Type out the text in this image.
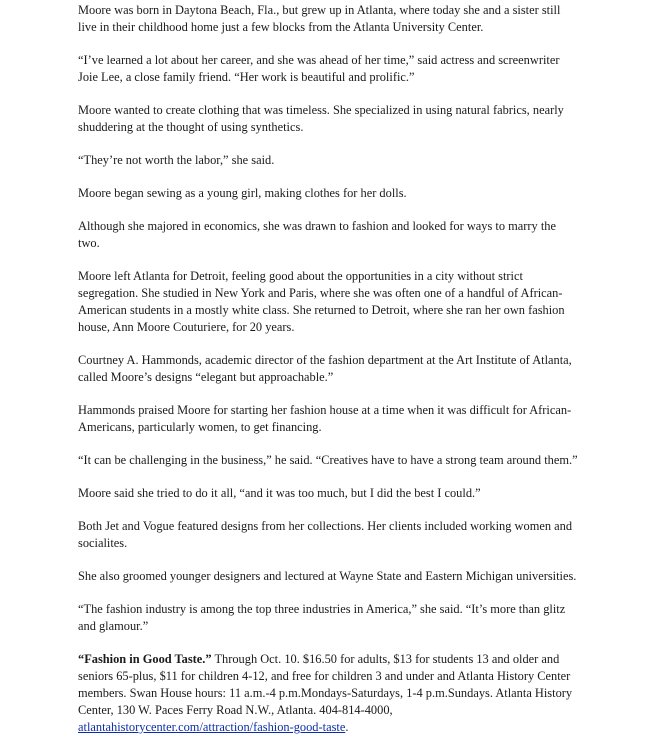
Moore was born in Daytona Beach, Fla., but grew up in Atlanta, where today she and a sister still live in their childhood home just a few blocks from the Atlanta University Center.

“I’ve learned a lot about her career, and she was ahead of her time,” said actress and screenwriter Joie Lee, a close family friend. “Her work is beautiful and prolific.”

Moore wanted to create clothing that was timeless. She specialized in using natural fabrics, nearly shuddering at the thought of using synthetics.

“They’re not worth the labor,” she said.

Moore began sewing as a young girl, making clothes for her dolls.

Although she majored in economics, she was drawn to fashion and looked for ways to marry the two.

Moore left Atlanta for Detroit, feeling good about the opportunities in a city without strict segregation. She studied in New York and Paris, where she was often one of a handful of African-American students in a mostly white class. She returned to Detroit, where she ran her own fashion house, Ann Moore Couturiere, for 20 years.

Courtney A. Hammonds, academic director of the fashion department at the Art Institute of Atlanta, called Moore’s designs “elegant but approachable.”

Hammonds praised Moore for starting her fashion house at a time when it was difficult for African-Americans, particularly women, to get financing.

“It can be challenging in the business,” he said. “Creatives have to have a strong team around them.”

Moore said she tried to do it all, “and it was too much, but I did the best I could.”

Both Jet and Vogue featured designs from her collections. Her clients included working women and socialites.

She also groomed younger designers and lectured at Wayne State and Eastern Michigan universities.

“The fashion industry is among the top three industries in America,” she said. “It’s more than glitz and glamour.”

“Fashion in Good Taste.” Through Oct. 10. $16.50 for adults, $13 for students 13 and older and seniors 65-plus, $11 for children 4-12, and free for children 3 and under and Atlanta History Center members. Swan House hours: 11 a.m.-4 p.m.Mondays-Saturdays, 1-4 p.m.Sundays. Atlanta History Center, 130 W. Paces Ferry Road N.W., Atlanta. 404-814-4000, atlantahistorycenter.com/attraction/fashion-good-taste.
